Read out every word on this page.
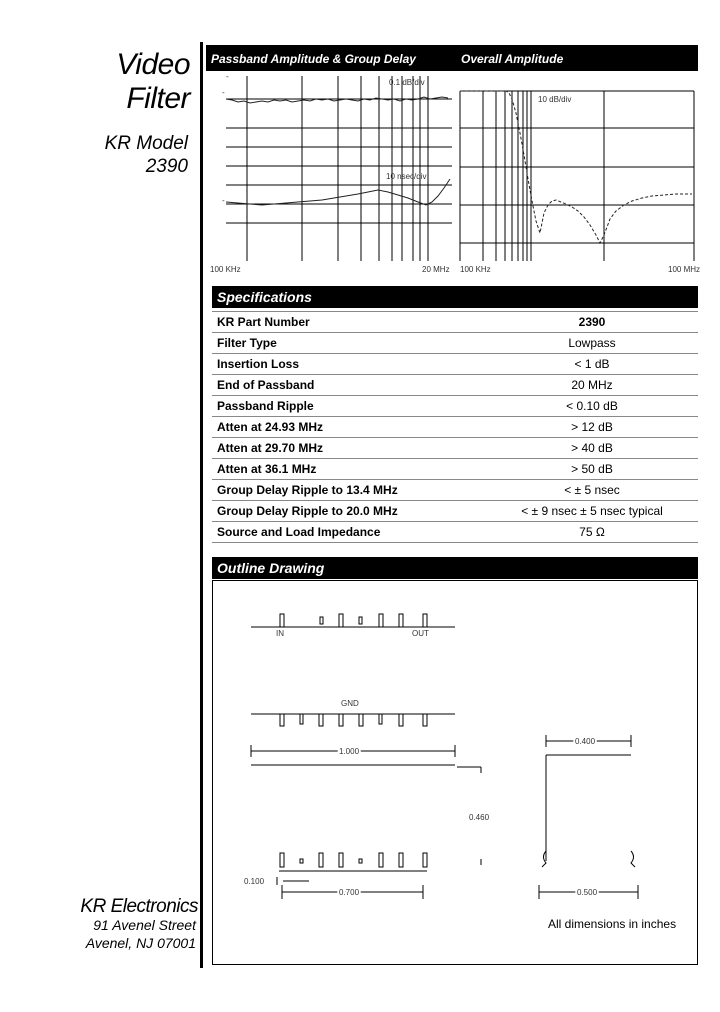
Video
Filter
KR Model
2390
KR Electronics
91 Avenel Street
Avenel, NJ 07001
Passband Amplitude & Group Delay	Overall Amplitude
-
-
-
0.1 dB/div
10 nsec/div
100 KHz	20 MHz
10 dB/div
100 KHz	100 MHz
Specifications
KR Part Number	2390
Filter Type	Lowpass
Insertion Loss	< 1 dB
End of Passband	20 MHz
Passband Ripple	< 0.10 dB
Atten at 24.93 MHz	> 12 dB
Atten at 29.70 MHz	> 40 dB
Atten at 36.1 MHz	> 50 dB
Group Delay Ripple to 13.4 MHz	< ± 5 nsec
Group Delay Ripple to 20.0 MHz	< ± 9 nsec ± 5 nsec typical
Source and Load Impedance	75 Ω
Outline Drawing
IN	OUT
GND
1.000
0.460
0.400
0.100
0.700	0.500
All dimensions in inches
